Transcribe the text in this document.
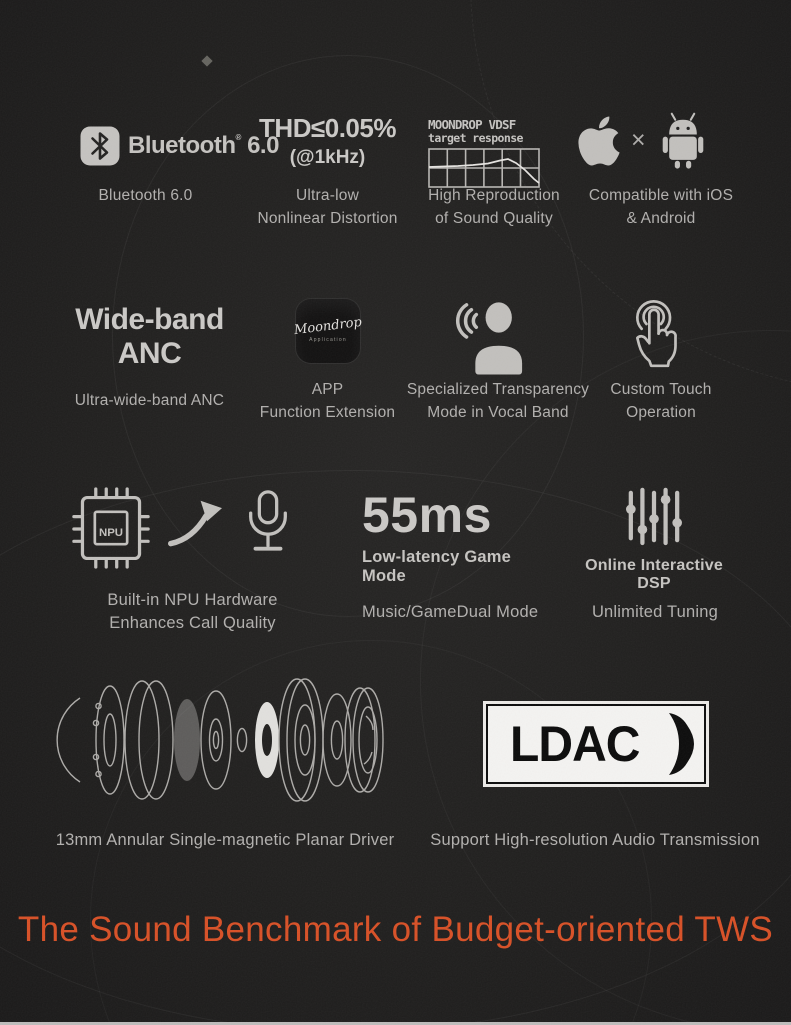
Bluetooth® 6.0
THD≤0.05%
(@1kHz)
MOONDROP VDSF
target response	×
Bluetooth 6.0	Ultra-low
Nonlinear Distortion
High Reproduction
of Sound Quality
Compatible with iOS
& Android
Wide-band
ANC
Moondrop
Application
Ultra-wide-band ANC
APP
Function Extension
Specialized Transparency
Mode in Vocal Band
Custom Touch
Operation
NPU	55ms
Low-latency Game Mode
Online Interactive DSP
Built-in NPU Hardware
Enhances Call Quality
Music/GameDual Mode	Unlimited Tuning
LDAC
13mm Annular Single-magnetic Planar Driver	Support High-resolution Audio Transmission
The Sound Benchmark of Budget-oriented TWS
